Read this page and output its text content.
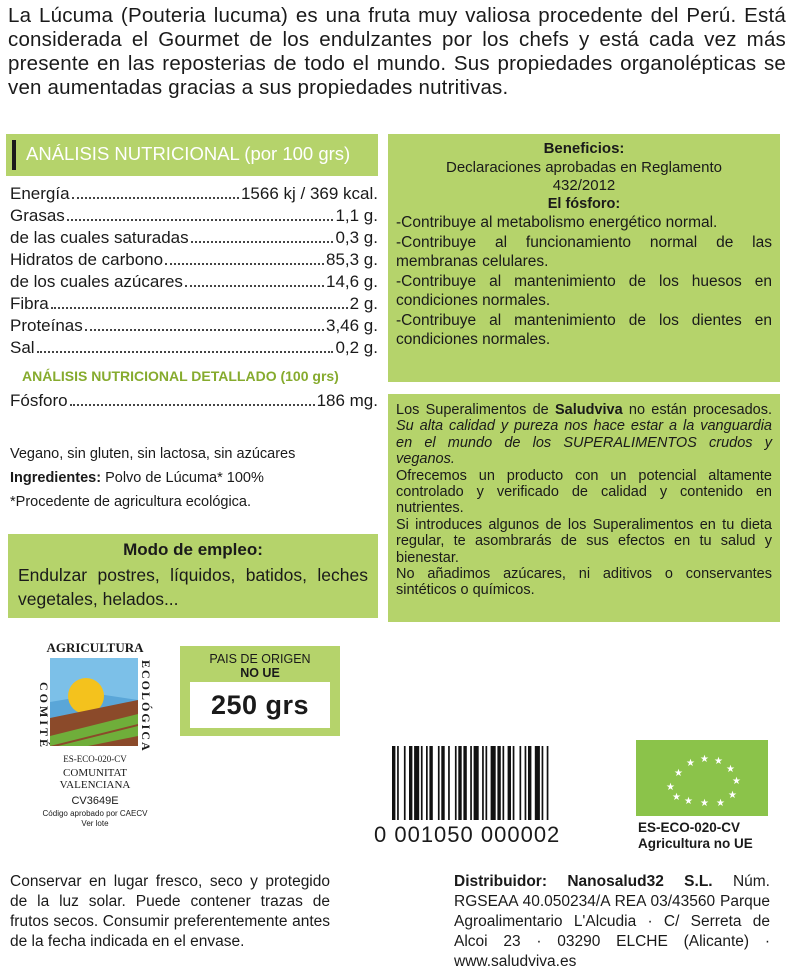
La Lúcuma (Pouteria lucuma) es una fruta muy valiosa procedente del Perú. Está considerada el Gourmet de los endulzantes por los chefs y está cada vez más presente en las reposterias de todo el mundo. Sus propiedades organolépticas se ven aumentadas gracias a sus propiedades nutritivas.
ANÁLISIS NUTRICIONAL (por 100 grs)
Energía	1566 kj / 369 kcal.
Grasas	1,1 g.
de las cuales saturadas	0,3 g.
Hidratos de carbono	85,3 g.
de los cuales azúcares	14,6 g.
Fibra	2 g.
Proteínas	3,46 g.
Sal	0,2 g.
ANÁLISIS NUTRICIONAL DETALLADO (100 grs)
Fósforo	186 mg.
Vegano, sin gluten, sin lactosa, sin azúcares
Ingredientes: Polvo de Lúcuma* 100%
*Procedente de agricultura ecológica.
Modo de empleo:
Endulzar postres, líquidos, batidos, leches vegetales, helados...
Beneficios:
Declaraciones aprobadas en Reglamento
432/2012
El fósforo:
-Contribuye al metabolismo energético normal.
-Contribuye al funcionamiento normal de las membranas celulares.
-Contribuye al mantenimiento de los huesos en condiciones normales.
-Contribuye al mantenimiento de los dientes en condiciones normales.
Los Superalimentos de Saludviva no están procesados. Su alta calidad y pureza nos hace estar a la vanguardia en el mundo de los SUPERALIMENTOS crudos y veganos.
Ofrecemos un producto con un potencial altamente controlado y verificado de calidad y contenido en nutrientes.
Si introduces algunos de los Superalimentos en tu dieta regular, te asombrarás de sus efectos en tu salud y bienestar.
No añadimos azúcares, ni aditivos o conservantes sintéticos o químicos.
AGRICULTURA
COMITÉ	ECOLÓGICA
ES-ECO-020-CV
COMUNITAT
VALENCIANA
CV3649E
Código aprobado por CAECV
Ver lote
PAIS DE ORIGEN
NO UE
250 grs
0 001050 000002
★
★
★ ★ ★
★
★
★
★
★
★
★
ES-ECO-020-CV
Agricultura no UE
Conservar en lugar fresco, seco y protegido de la luz solar. Puede contener trazas de frutos secos. Consumir preferentemente antes de la fecha indicada en el envase.
Distribuidor: Nanosalud32 S.L. Núm. RGSEAA 40.050234/A REA 03/43560 Parque Agroalimentario L'Alcudia · C/ Serreta de Alcoi 23 · 03290 ELCHE (Alicante) · www.saludviva.es
